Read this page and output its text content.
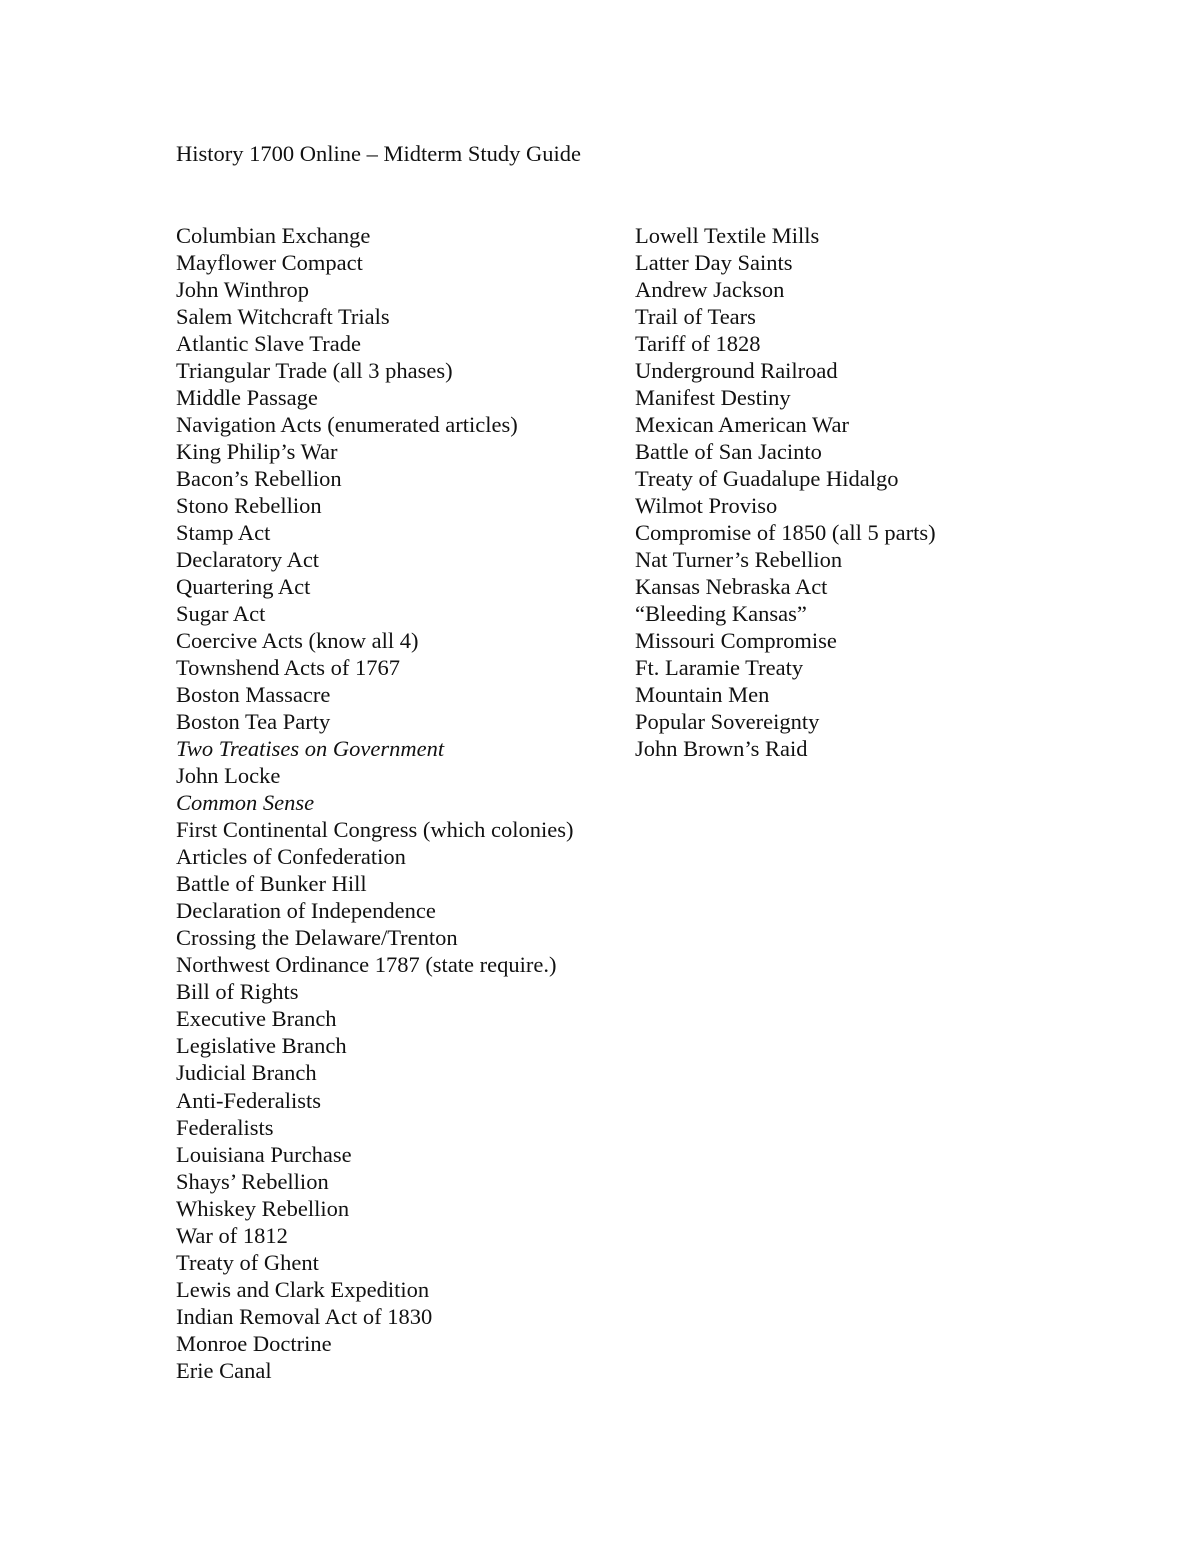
History 1700 Online – Midterm Study Guide
Columbian Exchange
Mayflower Compact
John Winthrop
Salem Witchcraft Trials
Atlantic Slave Trade
Triangular Trade (all 3 phases)
Middle Passage
Navigation Acts (enumerated articles)
King Philip’s War
Bacon’s Rebellion
Stono Rebellion
Stamp Act
Declaratory Act
Quartering Act
Sugar Act
Coercive Acts (know all 4)
Townshend Acts of 1767
Boston Massacre
Boston Tea Party
Two Treatises on Government
John Locke
Common Sense
First Continental Congress (which colonies)
Articles of Confederation
Battle of Bunker Hill
Declaration of Independence
Crossing the Delaware/Trenton
Northwest Ordinance 1787 (state require.)
Bill of Rights
Executive Branch
Legislative Branch
Judicial Branch
Anti-Federalists
Federalists
Louisiana Purchase
Shays’ Rebellion
Whiskey Rebellion
War of 1812
Treaty of Ghent
Lewis and Clark Expedition
Indian Removal Act of 1830
Monroe Doctrine
Erie Canal
Lowell Textile Mills
Latter Day Saints
Andrew Jackson
Trail of Tears
Tariff of 1828
Underground Railroad
Manifest Destiny
Mexican American War
Battle of San Jacinto
Treaty of Guadalupe Hidalgo
Wilmot Proviso
Compromise of 1850 (all 5 parts)
Nat Turner’s Rebellion
Kansas Nebraska Act
“Bleeding Kansas”
Missouri Compromise
Ft. Laramie Treaty
Mountain Men
Popular Sovereignty
John Brown’s Raid
